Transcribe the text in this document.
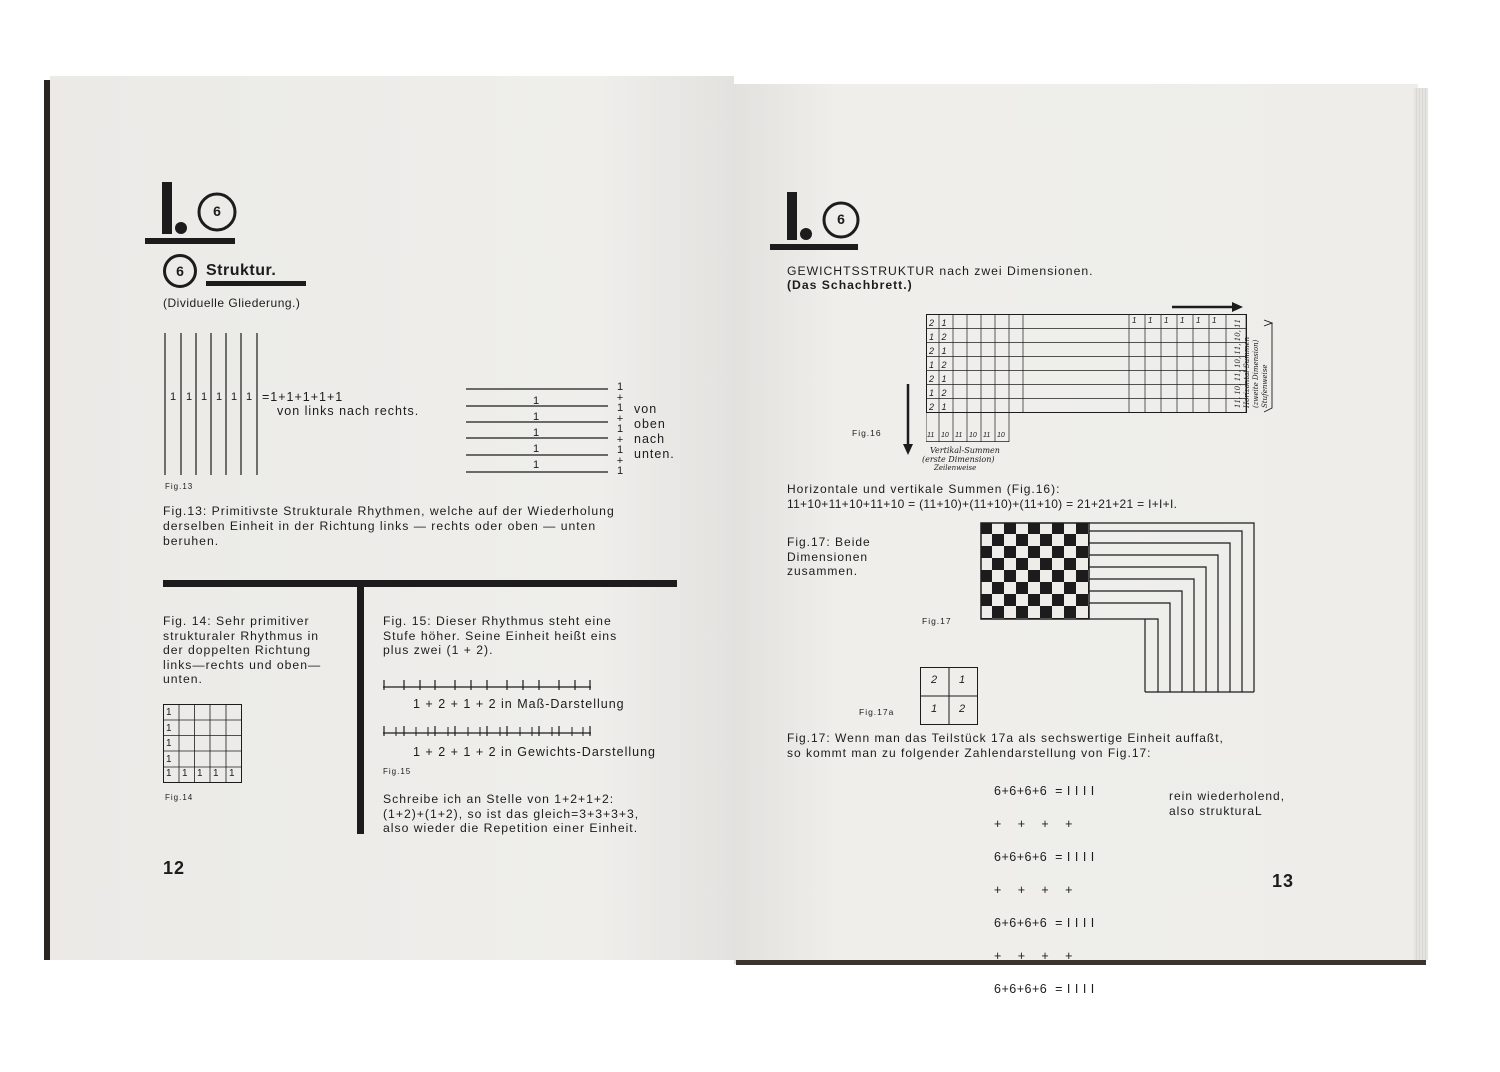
6
6	Struktur.
(Dividuelle Gliederung.)
1 1 1 1 1 1 =1+1+1+1+1
von links nach rechts.
Fig.13
1
1
1
1
1
1
+
1
+
1
+
1
+
1
von
oben
nach
unten.
Fig.13: Primitivste Strukturale Rhythmen, welche auf der Wiederholung
derselben Einheit in der Richtung links — rechts oder oben — unten
beruhen.
Fig. 14: Sehr primitiver
strukturaler Rhythmus in
der doppelten Richtung
links—rechts und oben—
unten.
1
1
1
1
1 1 1 1 1
Fig.14
Fig. 15: Dieser Rhythmus steht eine
Stufe höher. Seine Einheit heißt eins
plus zwei (1 + 2).
1 + 2 + 1 + 2 in Maß-Darstellung
1 + 2 + 1 + 2 in Gewichts-Darstellung
Fig.15
Schreibe ich an Stelle von 1+2+1+2:
(1+2)+(1+2), so ist das gleich=3+3+3+3,
also wieder die Repetition einer Einheit.
12
6
GEWICHTSSTRUKTUR nach zwei Dimensionen.
(Das Schachbrett.)
2 1
1 2
2 1
1 2
2 1
1 2
2 1
11 10 11 10 11 10
Vertikal-Summen
(erste Dimension)
Zeilenweise
1 1 1 1 1 1	11, 10, 11, 10, 11, 10, 11 Horizontal-Summen (zweite Dimension) Stufenweise
Fig.16
Horizontale und vertikale Summen (Fig.16):
11+10+11+10+11+10 = (11+10)+(11+10)+(11+10) = 21+21+21 = I+I+I.
Fig.17: Beide
Dimensionen
zusammen.
Fig.17
2 1
1 2
Fig.17a
Fig.17: Wenn man das Teilstück 17a als sechswertige Einheit auffaßt,
so kommt man zu folgender Zahlendarstellung von Fig.17:

6+6+6+6  = I I I I

+    +    +    +

6+6+6+6  = I I I I

+    +    +    +

6+6+6+6  = I I I I

+    +    +    +

6+6+6+6  = I I I I

rein wiederholend,
also strukturaL
13
